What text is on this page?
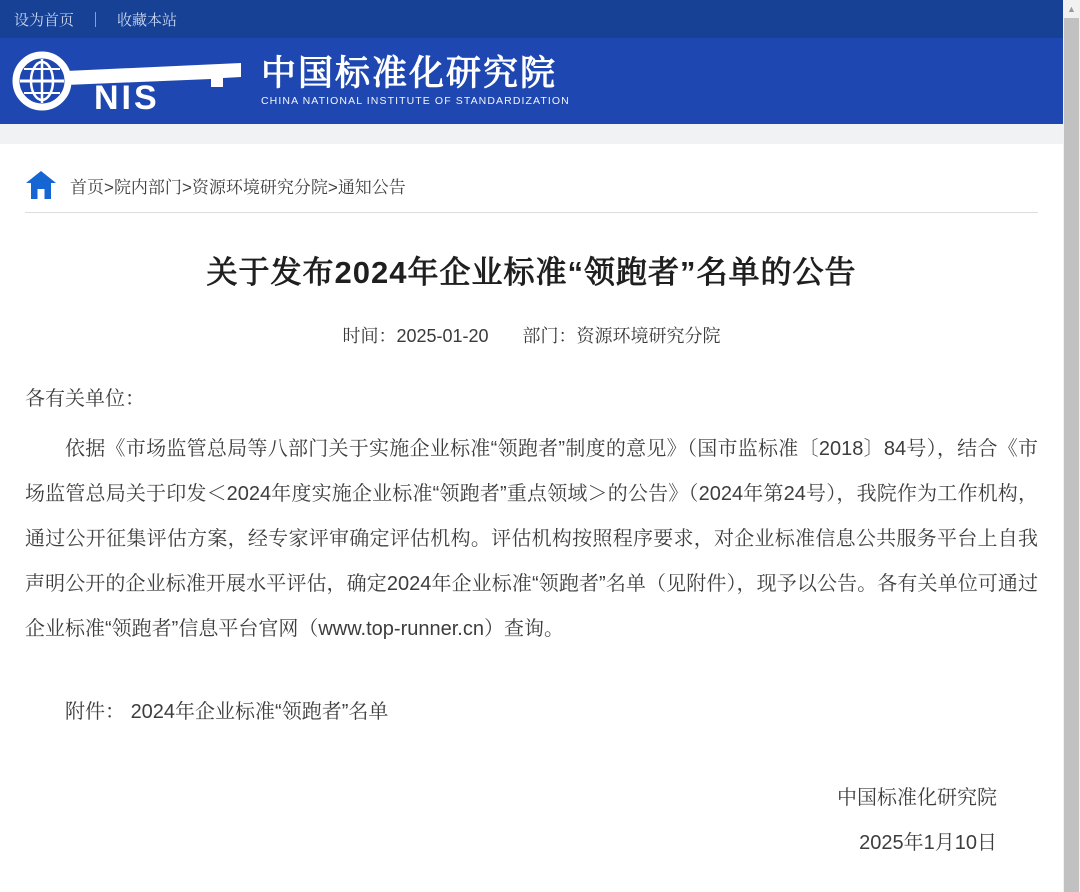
▲
设为首页 ｜ 收藏本站
NIS
中国标准化研究院
CHINA NATIONAL INSTITUTE OF STANDARDIZATION
首页>院内部门>资源环境研究分院>通知公告
关于发布2024年企业标准“领跑者”名单的公告
时间：2025-01-20 部门：资源环境研究分院
各有关单位：

依据《市场监管总局等八部门关于实施企业标准“领跑者”制度的意见》（国市监标准〔2018〕84号），结合《市场监管总局关于印发＜2024年度实施企业标准“领跑者”重点领域＞的公告》（2024年第24号），我院作为工作机构，通过公开征集评估方案，经专家评审确定评估机构。评估机构按照程序要求，对企业标准信息公共服务平台上自我声明公开的企业标准开展水平评估，确定2024年企业标准“领跑者”名单（见附件），现予以公告。各有关单位可通过企业标准“领跑者”信息平台官网（www.top-runner.cn）查询。

附件： 2024年企业标准“领跑者”名单
中国标准化研究院
2025年1月10日
